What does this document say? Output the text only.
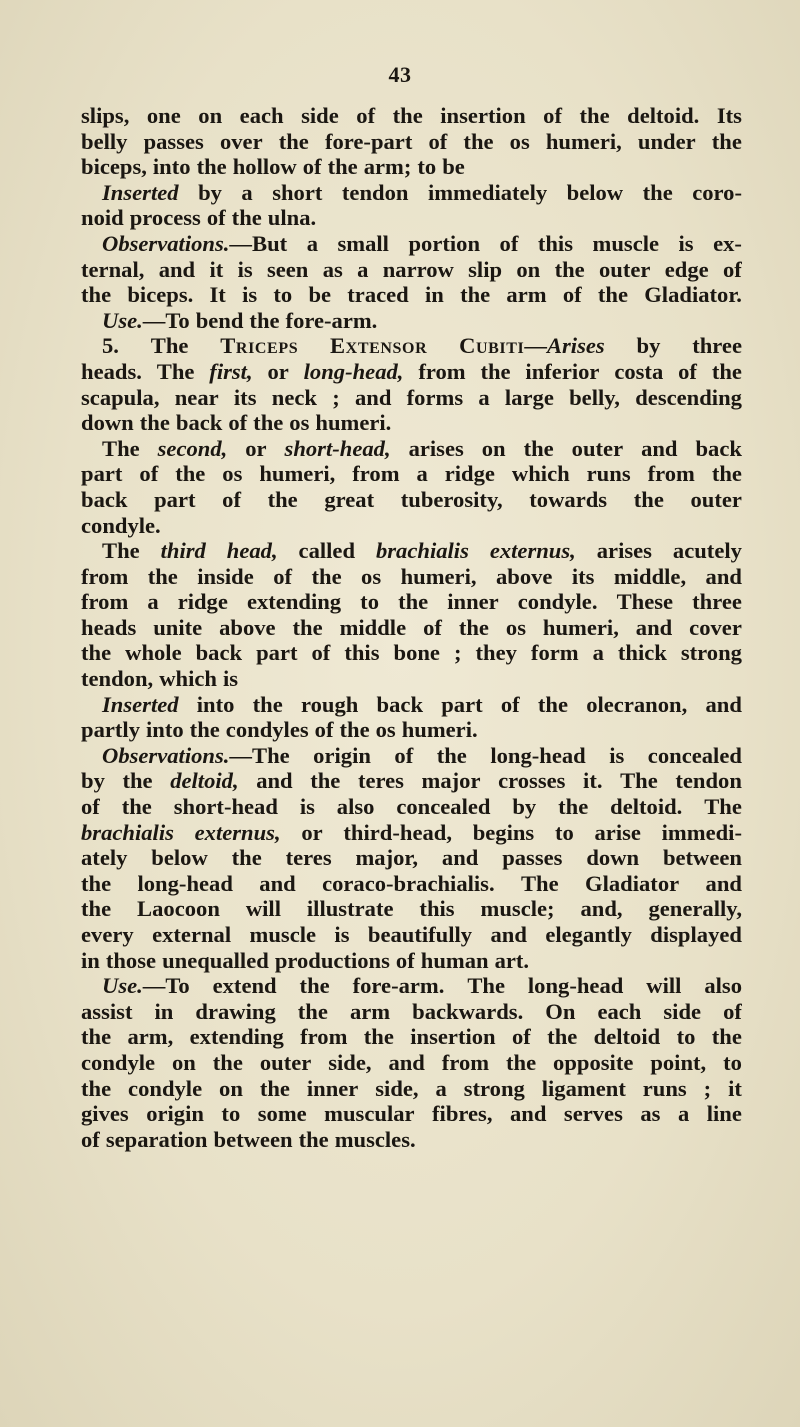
43
slips, one on each side of the insertion of the deltoid. Its
belly passes over the fore-part of the os humeri, under the
biceps, into the hollow of the arm; to be
Inserted by a short tendon immediately below the coro-
noid process of the ulna.
Observations.—But a small portion of this muscle is ex-
ternal, and it is seen as a narrow slip on the outer edge of
the biceps. It is to be traced in the arm of the Gladiator.
Use.—To bend the fore-arm.
5. The Triceps Extensor Cubiti—Arises by three
heads. The first, or long-head, from the inferior costa of the
scapula, near its neck ; and forms a large belly, descending
down the back of the os humeri.
The second, or short-head, arises on the outer and back
part of the os humeri, from a ridge which runs from the
back part of the great tuberosity, towards the outer
condyle.
The third head, called brachialis externus, arises acutely
from the inside of the os humeri, above its middle, and
from a ridge extending to the inner condyle. These three
heads unite above the middle of the os humeri, and cover
the whole back part of this bone ; they form a thick strong
tendon, which is
Inserted into the rough back part of the olecranon, and
partly into the condyles of the os humeri.
Observations.—The origin of the long-head is concealed
by the deltoid, and the teres major crosses it. The tendon
of the short-head is also concealed by the deltoid. The
brachialis externus, or third-head, begins to arise immedi-
ately below the teres major, and passes down between
the long-head and coraco-brachialis. The Gladiator and
the Laocoon will illustrate this muscle; and, generally,
every external muscle is beautifully and elegantly displayed
in those unequalled productions of human art.
Use.—To extend the fore-arm. The long-head will also
assist in drawing the arm backwards. On each side of
the arm, extending from the insertion of the deltoid to the
condyle on the outer side, and from the opposite point, to
the condyle on the inner side, a strong ligament runs ; it
gives origin to some muscular fibres, and serves as a line
of separation between the muscles.
